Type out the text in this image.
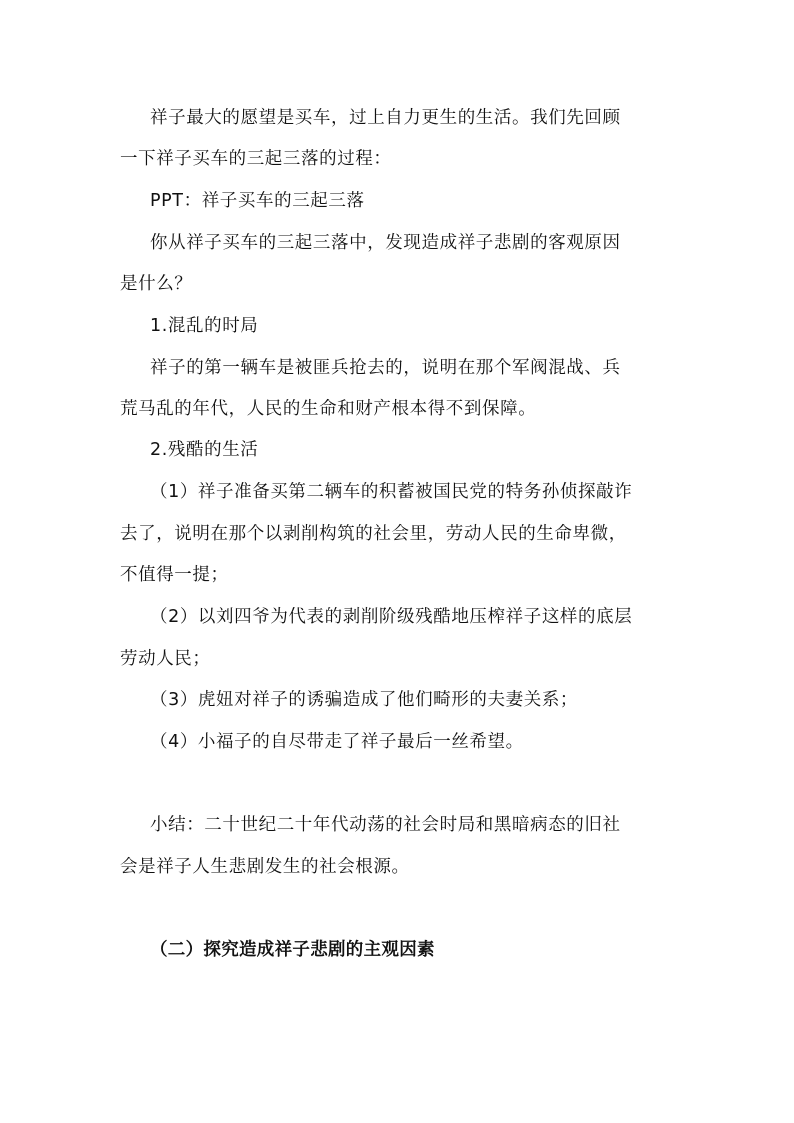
祥子最大的愿望是买车，过上自力更生的生活。我们先回顾
一下祥子买车的三起三落的过程：
PPT：祥子买车的三起三落
你从祥子买车的三起三落中，发现造成祥子悲剧的客观原因
是什么？
1.混乱的时局
祥子的第一辆车是被匪兵抢去的，说明在那个军阀混战、兵
荒马乱的年代，人民的生命和财产根本得不到保障。
2.残酷的生活
（1）祥子准备买第二辆车的积蓄被国民党的特务孙侦探敲诈
去了，说明在那个以剥削构筑的社会里，劳动人民的生命卑微，
不值得一提；
（2）以刘四爷为代表的剥削阶级残酷地压榨祥子这样的底层
劳动人民；
（3）虎妞对祥子的诱骗造成了他们畸形的夫妻关系；
（4）小福子的自尽带走了祥子最后一丝希望。
小结：二十世纪二十年代动荡的社会时局和黑暗病态的旧社
会是祥子人生悲剧发生的社会根源。
（二）探究造成祥子悲剧的主观因素
